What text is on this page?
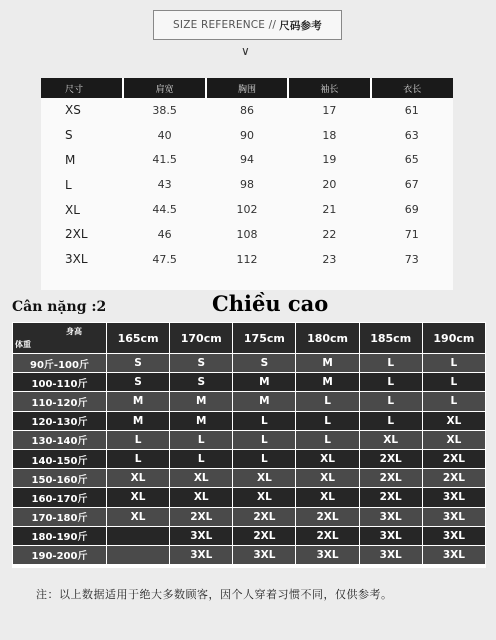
SIZE REFERENCE // 尺码参考
∨
尺寸	肩宽	胸围	袖长	衣长
XS	38.5	86	17	61
S	40	90	18	63
M	41.5	94	19	65
L	43	98	20	67
XL	44.5	102	21	69
2XL	46	108	22	71
3XL	47.5	112	23	73
Cân nặng :2	Chiều cao
身高
体重	165cm	170cm	175cm	180cm	185cm	190cm
90斤-100斤	S	S	S	M	L	L
100-110斤	S	S	M	M	L	L
110-120斤	M	M	M	L	L	L
120-130斤	M	M	L	L	L	XL
130-140斤	L	L	L	L	XL	XL
140-150斤	L	L	L	XL	2XL	2XL
150-160斤	XL	XL	XL	XL	2XL	2XL
160-170斤	XL	XL	XL	XL	2XL	3XL
170-180斤	XL	2XL	2XL	2XL	3XL	3XL
180-190斤		3XL	2XL	2XL	3XL	3XL
190-200斤		3XL	3XL	3XL	3XL	3XL
注：以上数据适用于绝大多数顾客，因个人穿着习惯不同，仅供参考。
